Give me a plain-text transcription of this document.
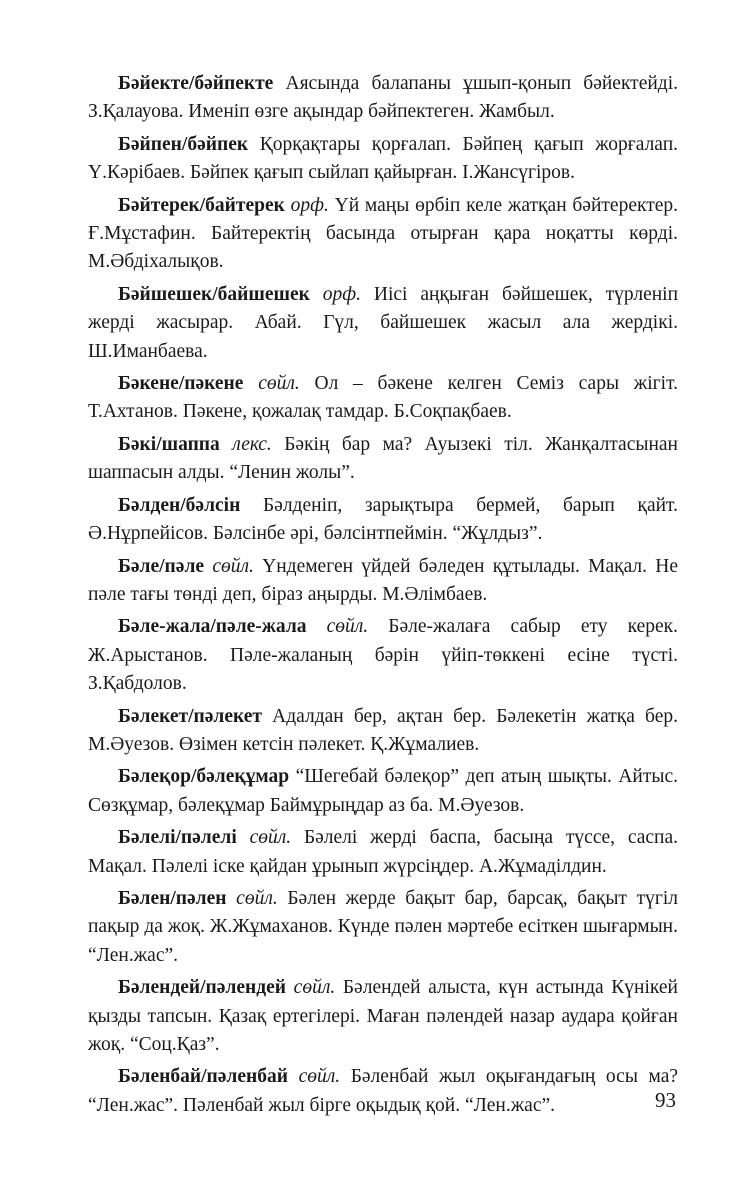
Бәйекте/бәйпекте Аясында балапаны ұшып-қонып бәйектейді. З.Қалауова. Именіп өзге ақындар бәйпектеген. Жамбыл.

Бәйпен/бәйпек Қорқақтары қорғалап. Бәйпең қағып жорғалап. Ү.Кәрібаев. Бәйпек қағып сыйлап қайырған. І.Жансүгіров.

Бәйтерек/байтерек орф. Үй маңы өрбіп келе жатқан бәйтеректер. Ғ.Мұстафин. Байтеректің басында отырған қара ноқатты көрді. М.Әбдіхалықов.

Бәйшешек/байшешек орф. Иісі аңқыған бәйшешек, түрленіп жерді жасырар. Абай. Гүл, байшешек жасыл ала жердікі. Ш.Иманбаева.

Бәкене/пәкене сөйл. Ол – бәкене келген Семіз сары жігіт. Т.Ахтанов. Пәкене, қожалақ тамдар. Б.Соқпақбаев.

Бәкі/шаппа лекс. Бәкің бар ма? Ауызекі тіл. Жанқалтасынан шаппасын алды. “Ленин жолы”.

Бәлден/бәлсін Бәлденіп, зарықтыра бермей, барып қайт. Ә.Нұрпейісов. Бәлсінбе әрі, бәлсінтпеймін. “Жұлдыз”.

Бәле/пәле сөйл. Үндемеген үйдей бәледен құтылады. Мақал. Не пәле тағы төнді деп, біраз аңырды. М.Әлімбаев.

Бәле-жала/пәле-жала сөйл. Бәле-жалаға сабыр ету керек. Ж.Арыстанов. Пәле-жаланың бәрін үйіп-төккені есіне түсті. З.Қабдолов.

Бәлекет/пәлекет Адалдан бер, ақтан бер. Бәлекетін жатқа бер. М.Әуезов. Өзімен кетсін пәлекет. Қ.Жұмалиев.

Бәлеқор/бәлеқұмар “Шегебай бәлеқор” деп атың шықты. Айтыс. Сөзқұмар, бәлеқұмар Баймұрыңдар аз ба. М.Әуезов.

Бәлелі/пәлелі сөйл. Бәлелі жерді баспа, басыңа түсce, саспа. Мақал. Пәлелі іске қайдан ұрынып жүрсіңдер. А.Жұмаділдин.

Бәлен/пәлен сөйл. Бәлен жерде бақыт бар, барсақ, бақыт түгіл пақыр да жоқ. Ж.Жұмаханов. Күнде пәлен мәртебе есіткен шығармын. “Лен.жас”.

Бәлендей/пәлендей сөйл. Бәлендей алыста, күн астында Күнікей қызды тапсын. Қазақ ертегілері. Маған пәлендей назар аудара қойған жоқ. “Соц.Қаз”.

Бәленбай/пәленбай сөйл. Бәленбай жыл оқығандағың осы ма? “Лен.жас”. Пәленбай жыл бірге оқыдық қой. “Лен.жас”.	93
